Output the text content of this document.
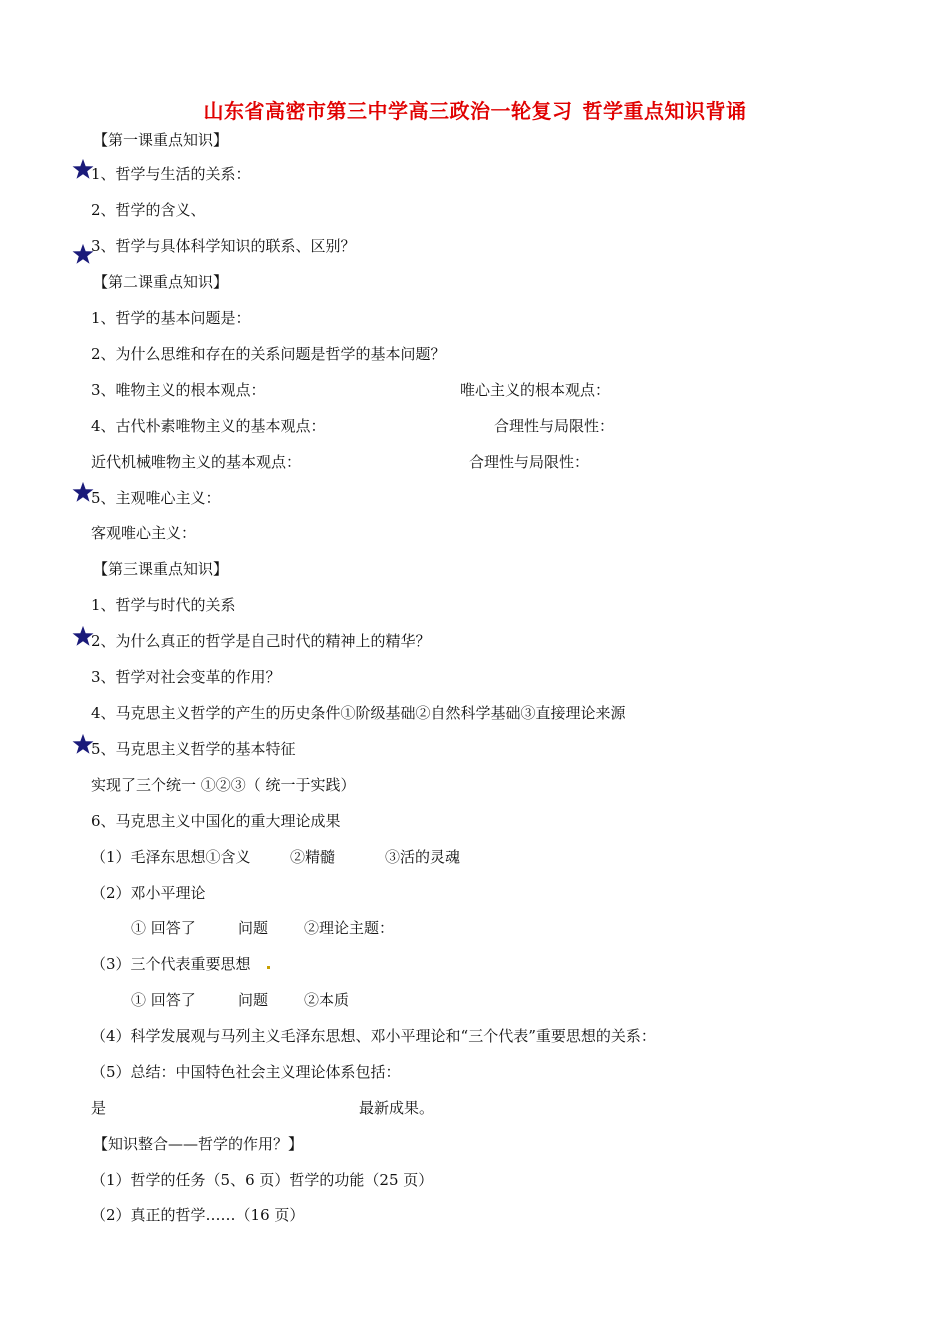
山东省高密市第三中学高三政治一轮复习 哲学重点知识背诵
【第一课重点知识】
1、哲学与生活的关系：
2、哲学的含义、
3、哲学与具体科学知识的联系、区别？
【第二课重点知识】
1、哲学的基本问题是：
2、为什么思维和存在的关系问题是哲学的基本问题？
3、唯物主义的根本观点：	唯心主义的根本观点：
4、古代朴素唯物主义的基本观点：	合理性与局限性：
近代机械唯物主义的基本观点：	合理性与局限性：
5、主观唯心主义：
客观唯心主义：
【第三课重点知识】
1、哲学与时代的关系
2、为什么真正的哲学是自己时代的精神上的精华？
3、哲学对社会变革的作用？
4、马克思主义哲学的产生的历史条件①阶级基础②自然科学基础③直接理论来源
5、马克思主义哲学的基本特征
实现了三个统一 ①②③（ 统一于实践）
6、马克思主义中国化的重大理论成果
（1）毛泽东思想①含义	②精髓	③活的灵魂
（2）邓小平理论
① 回答了	问题 ②理论主题：
（3）三个代表重要思想
① 回答了	问题 ②本质
（4）科学发展观与马列主义毛泽东思想、邓小平理论和“三个代表”重要思想的关系：
（5）总结：中国特色社会主义理论体系包括：
是	最新成果。
【知识整合——哲学的作用？】
（1）哲学的任务（5、6 页）哲学的功能（25 页）
（2）真正的哲学……（16 页）
